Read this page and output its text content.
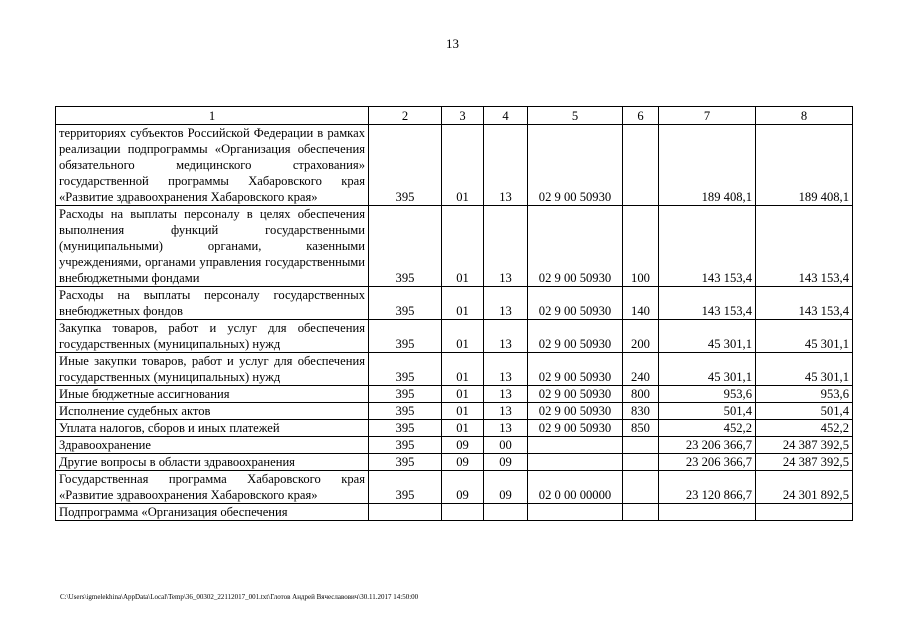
13
1	2	3	4	5	6	7	8
территориях субъектов Российской Федерации в рамках реализации подпрограммы «Организация обеспечения обязательного медицинского страхования» государственной программы Хабаровского края «Развитие здравоохранения Хабаровского края»	395	01	13	02 9 00 50930		189 408,1	189 408,1
Расходы на выплаты персоналу в целях обеспечения выполнения функций государственными (муниципальными) органами, казенными учреждениями, органами управления государственными внебюджетными фондами	395	01	13	02 9 00 50930	100	143 153,4	143 153,4
Расходы на выплаты персоналу государственных внебюджетных фондов	395	01	13	02 9 00 50930	140	143 153,4	143 153,4
Закупка товаров, работ и услуг для обеспечения государственных (муниципальных) нужд	395	01	13	02 9 00 50930	200	45 301,1	45 301,1
Иные закупки товаров, работ и услуг для обеспечения государственных (муниципальных) нужд	395	01	13	02 9 00 50930	240	45 301,1	45 301,1
Иные бюджетные ассигнования	395	01	13	02 9 00 50930	800	953,6	953,6
Исполнение судебных актов	395	01	13	02 9 00 50930	830	501,4	501,4
Уплата налогов, сборов и иных платежей	395	01	13	02 9 00 50930	850	452,2	452,2
Здравоохранение	395	09	00			23 206 366,7	24 387 392,5
Другие вопросы в области здравоохранения	395	09	09			23 206 366,7	24 387 392,5
Государственная программа Хабаровского края «Развитие здравоохранения Хабаровского края»	395	09	09	02 0 00 00000		23 120 866,7	24 301 892,5
Подпрограмма «Организация обеспечения							
C:\Users\igmelekhina\AppData\Local\Temp\36_00302_22112017_001.txt\Глотов Андрей Вячеславович\30.11.2017 14:50:00
